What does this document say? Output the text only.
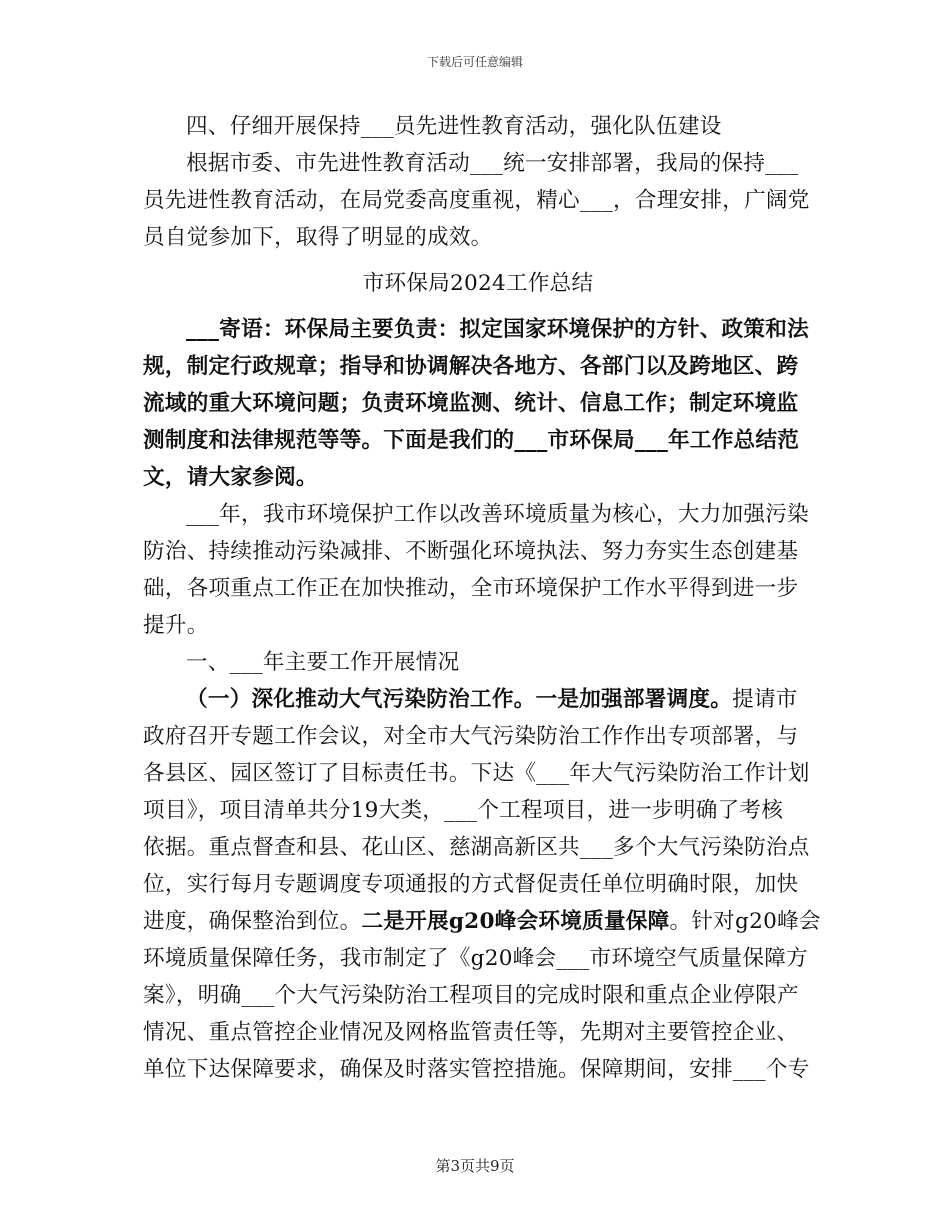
下载后可任意编辑
四、仔细开展保持___员先进性教育活动，强化队伍建设
根据市委、市先进性教育活动___统一安排部署，我局的保持___
员先进性教育活动，在局党委高度重视，精心___，合理安排，广阔党
员自觉参加下，取得了明显的成效。
市环保局2024工作总结
___寄语：环保局主要负责：拟定国家环境保护的方针、政策和法
规，制定行政规章；指导和协调解决各地方、各部门以及跨地区、跨
流域的重大环境问题；负责环境监测、统计、信息工作；制定环境监
测制度和法律规范等等。下面是我们的___市环保局___年工作总结范
文，请大家参阅。
___年，我市环境保护工作以改善环境质量为核心，大力加强污染
防治、持续推动污染减排、不断强化环境执法、努力夯实生态创建基
础，各项重点工作正在加快推动，全市环境保护工作水平得到进一步
提升。
一、___年主要工作开展情况
（一）深化推动大气污染防治工作。一是加强部署调度。提请市
政府召开专题工作会议，对全市大气污染防治工作作出专项部署，与
各县区、园区签订了目标责任书。下达《___年大气污染防治工作计划
项目》，项目清单共分19大类，___个工程项目，进一步明确了考核
依据。重点督查和县、花山区、慈湖高新区共___多个大气污染防治点
位，实行每月专题调度专项通报的方式督促责任单位明确时限，加快
进度，确保整治到位。二是开展g20峰会环境质量保障。针对g20峰会
环境质量保障任务，我市制定了《g20峰会___市环境空气质量保障方
案》，明确___个大气污染防治工程项目的完成时限和重点企业停限产
情况、重点管控企业情况及网格监管责任等，先期对主要管控企业、
单位下达保障要求，确保及时落实管控措施。保障期间，安排___个专
第3页共9页
